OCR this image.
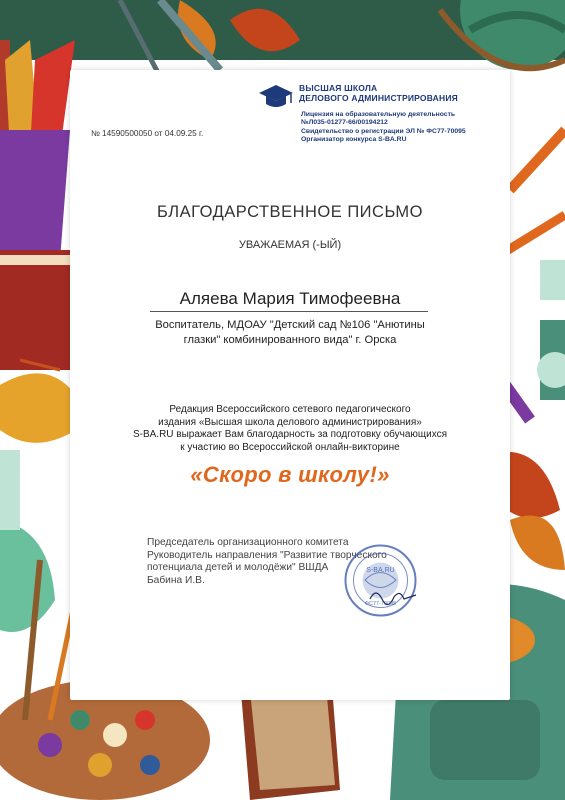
ВЫСШАЯ ШКОЛА
ДЕЛОВОГО АДМИНИСТРИРОВАНИЯ
Лицензия на образовательную деятельность
№Л035-01277-66/00194212
Свидетельство о регистрации ЭЛ № ФС77-70095
Организатор конкурса S-BA.RU
№ 14590500050 от 04.09.25 г.
БЛАГОДАРСТВЕННОЕ ПИСЬМО
УВАЖАЕМАЯ (-ЫЙ)
Аляева Мария Тимофеевна
Воспитатель, МДОАУ "Детский сад №106 "Анютины
глазки" комбинированного вида" г. Орска
Редакция Всероссийского сетевого педагогического
издания «Высшая школа делового администрирования»
S-BA.RU выражает Вам благодарность за подготовку обучающихся
к участию во Всероссийской онлайн-викторине
«Скоро в школу!»
Председатель организационного комитета
Руководитель направления "Развитие творческого
потенциала детей и молодёжи" ВШДА
Бабина И.В.
S-BA.RU
ФС77-70095
